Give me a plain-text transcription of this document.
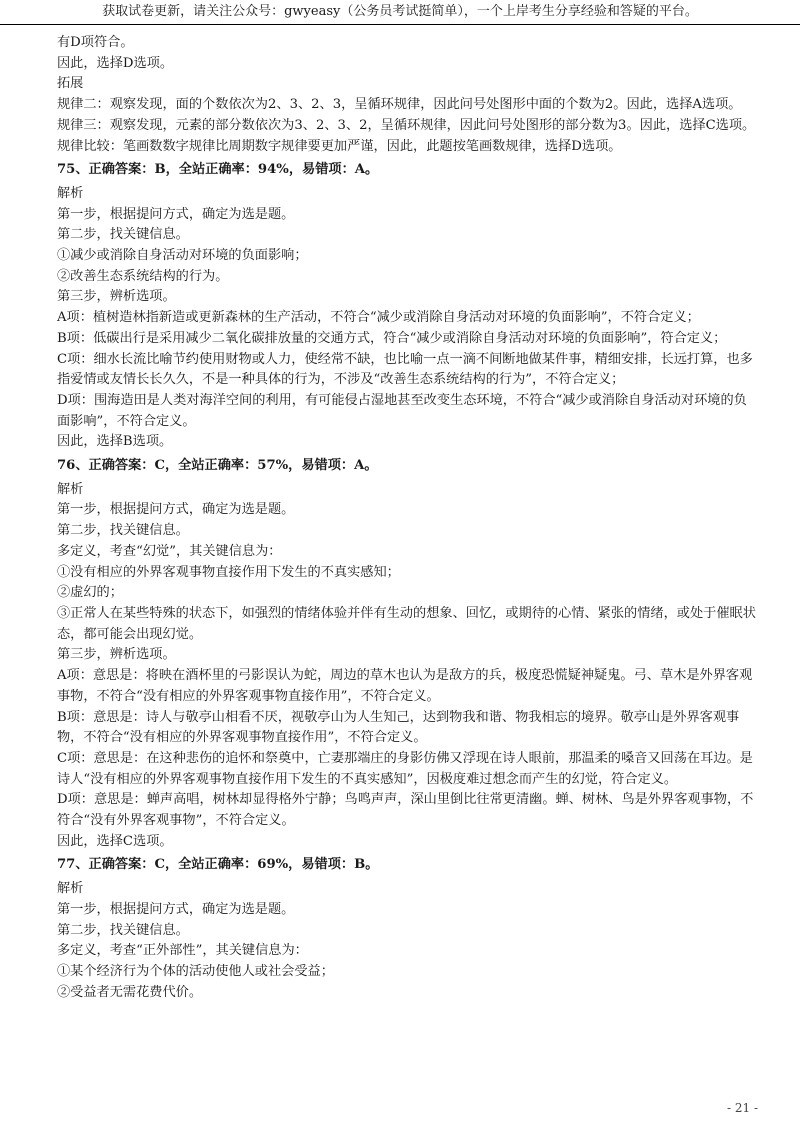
获取试卷更新，请关注公众号：gwyeasy（公务员考试挺简单），一个上岸考生分享经验和答疑的平台。

有D项符合。

因此，选择D选项。

拓展

规律二：观察发现，面的个数依次为2、3、2、3，呈循环规律，因此问号处图形中面的个数为2。因此，选择A选项。

规律三：观察发现，元素的部分数依次为3、2、3、2，呈循环规律，因此问号处图形的部分数为3。因此，选择C选项。

规律比较：笔画数数字规律比周期数字规律要更加严谨，因此，此题按笔画数规律，选择D选项。

75、正确答案：B，全站正确率：94%，易错项：A。

解析

第一步，根据提问方式，确定为选是题。

第二步，找关键信息。

①减少或消除自身活动对环境的负面影响；

②改善生态系统结构的行为。

第三步，辨析选项。

A项：植树造林指新造或更新森林的生产活动，不符合“减少或消除自身活动对环境的负面影响”，不符合定义；

B项：低碳出行是采用减少二氧化碳排放量的交通方式，符合“减少或消除自身活动对环境的负面影响”，符合定义；

C项：细水长流比喻节约使用财物或人力，使经常不缺，也比喻一点一滴不间断地做某件事，精细安排，长远打算，也多指爱情或友情长长久久，不是一种具体的行为，不涉及“改善生态系统结构的行为”，不符合定义；

D项：围海造田是人类对海洋空间的利用，有可能侵占湿地甚至改变生态环境，不符合“减少或消除自身活动对环境的负面影响”，不符合定义。

因此，选择B选项。

76、正确答案：C，全站正确率：57%，易错项：A。

解析

第一步，根据提问方式，确定为选是题。

第二步，找关键信息。

多定义，考查“幻觉”，其关键信息为：

①没有相应的外界客观事物直接作用下发生的不真实感知；

②虚幻的；

③正常人在某些特殊的状态下，如强烈的情绪体验并伴有生动的想象、回忆，或期待的心情、紧张的情绪，或处于催眠状态，都可能会出现幻觉。

第三步，辨析选项。

A项：意思是：将映在酒杯里的弓影误认为蛇，周边的草木也认为是敌方的兵，极度恐慌疑神疑鬼。弓、草木是外界客观事物，不符合“没有相应的外界客观事物直接作用”，不符合定义。

B项：意思是：诗人与敬亭山相看不厌，视敬亭山为人生知己，达到物我和谐、物我相忘的境界。敬亭山是外界客观事物，不符合“没有相应的外界客观事物直接作用”，不符合定义。

C项：意思是：在这种悲伤的追怀和祭奠中，亡妻那端庄的身影仿佛又浮现在诗人眼前，那温柔的嗓音又回荡在耳边。是诗人“没有相应的外界客观事物直接作用下发生的不真实感知”，因极度难过想念而产生的幻觉，符合定义。

D项：意思是：蝉声高唱，树林却显得格外宁静；鸟鸣声声，深山里倒比往常更清幽。蝉、树林、鸟是外界客观事物，不符合“没有外界客观事物”，不符合定义。

因此，选择C选项。

77、正确答案：C，全站正确率：69%，易错项：B。

解析

第一步，根据提问方式，确定为选是题。

第二步，找关键信息。

多定义，考查“正外部性”，其关键信息为：

①某个经济行为个体的活动使他人或社会受益；

②受益者无需花费代价。

- 21 -
